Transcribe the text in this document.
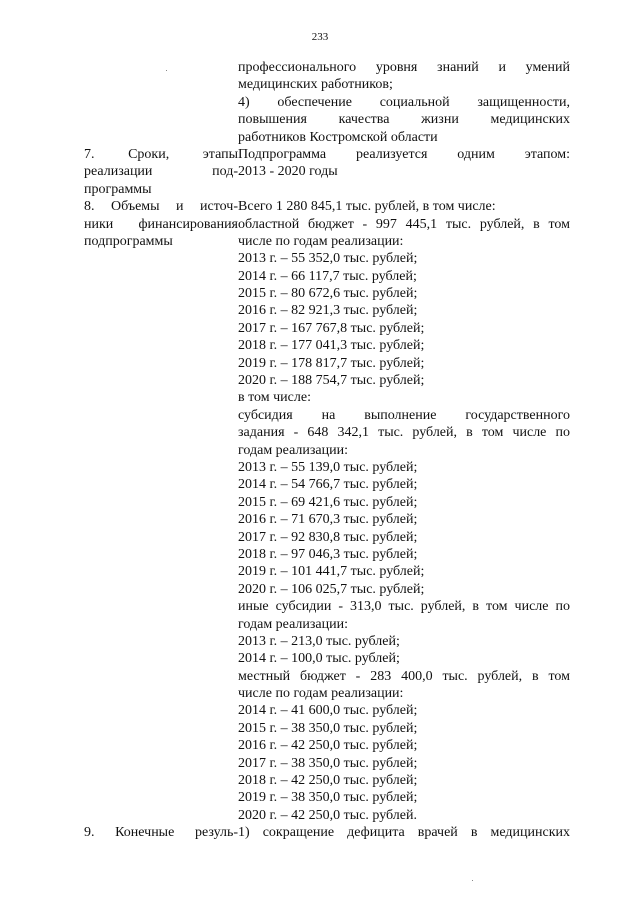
233
профессионального уровня знаний и умений
медицинских работников;
4) обеспечение социальной защищенности,
повышения качества жизни медицинских
работников Костромской области
7. Сроки, этапы
реализации под-
программы
Подпрограмма реализуется одним этапом:
2013 - 2020 годы
8. Объемы и источ-
ники финансирования
подпрограммы
Всего 1 280 845,1 тыс. рублей, в том числе:
областной бюджет - 997 445,1 тыс. рублей, в том
числе по годам реализации:
2013 г. – 55 352,0 тыс. рублей;
2014 г. – 66 117,7 тыс. рублей;
2015 г. – 80 672,6 тыс. рублей;
2016 г. – 82 921,3 тыс. рублей;
2017 г. – 167 767,8 тыс. рублей;
2018 г. – 177 041,3 тыс. рублей;
2019 г. – 178 817,7 тыс. рублей;
2020 г. – 188 754,7 тыс. рублей;
в том числе:
субсидия на выполнение государственного
задания - 648 342,1 тыс. рублей, в том числе по
годам реализации:
2013 г. – 55 139,0 тыс. рублей;
2014 г. – 54 766,7 тыс. рублей;
2015 г. – 69 421,6 тыс. рублей;
2016 г. – 71 670,3 тыс. рублей;
2017 г. – 92 830,8 тыс. рублей;
2018 г. – 97 046,3 тыс. рублей;
2019 г. – 101 441,7 тыс. рублей;
2020 г. – 106 025,7 тыс. рублей;
иные субсидии - 313,0 тыс. рублей, в том числе по
годам реализации:
2013 г. – 213,0 тыс. рублей;
2014 г. – 100,0 тыс. рублей;
местный бюджет - 283 400,0 тыс. рублей, в том
числе по годам реализации:
2014 г. – 41 600,0 тыс. рублей;
2015 г. – 38 350,0 тыс. рублей;
2016 г. – 42 250,0 тыс. рублей;
2017 г. – 38 350,0 тыс. рублей;
2018 г. – 42 250,0 тыс. рублей;
2019 г. – 38 350,0 тыс. рублей;
2020 г. – 42 250,0 тыс. рублей.
9. Конечные резуль- 1) сокращение дефицита врачей в медицинских
